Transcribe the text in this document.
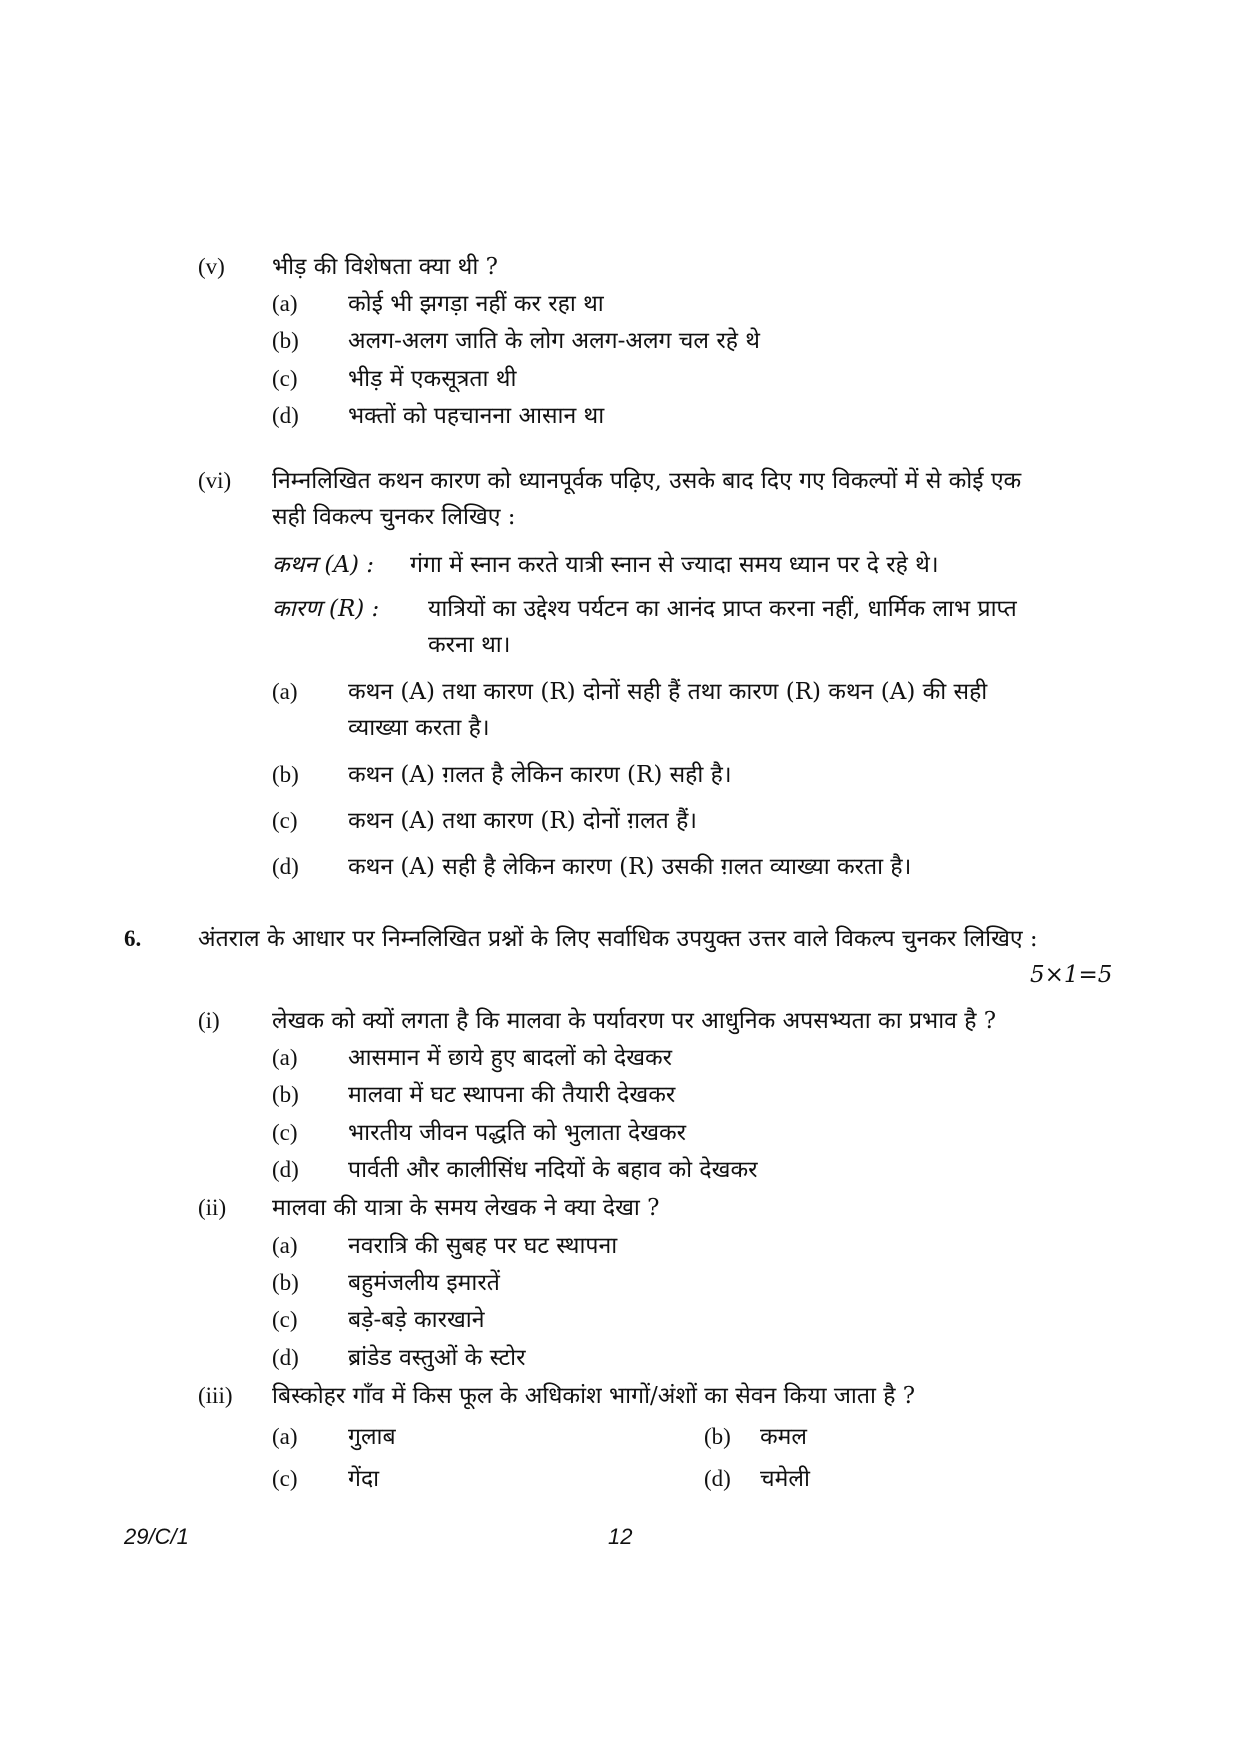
(v) भीड़ की विशेषता क्या थी ?
(a) कोई भी झगड़ा नहीं कर रहा था
(b) अलग-अलग जाति के लोग अलग-अलग चल रहे थे
(c) भीड़ में एकसूत्रता थी
(d) भक्तों को पहचानना आसान था
(vi) निम्नलिखित कथन कारण को ध्यानपूर्वक पढ़िए, उसके बाद दिए गए विकल्पों में से कोई एक सही विकल्प चुनकर लिखिए :
कथन (A) : गंगा में स्नान करते यात्री स्नान से ज्यादा समय ध्यान पर दे रहे थे।
कारण (R) : यात्रियों का उद्देश्य पर्यटन का आनंद प्राप्त करना नहीं, धार्मिक लाभ प्राप्त करना था।
(a) कथन (A) तथा कारण (R) दोनों सही हैं तथा कारण (R) कथन (A) की सही व्याख्या करता है।
(b) कथन (A) ग़लत है लेकिन कारण (R) सही है।
(c) कथन (A) तथा कारण (R) दोनों ग़लत हैं।
(d) कथन (A) सही है लेकिन कारण (R) उसकी ग़लत व्याख्या करता है।
6. अंतराल के आधार पर निम्नलिखित प्रश्नों के लिए सर्वाधिक उपयुक्त उत्तर वाले विकल्प चुनकर लिखिए :
5×1=5
(i) लेखक को क्यों लगता है कि मालवा के पर्यावरण पर आधुनिक अपसभ्यता का प्रभाव है ?
(a) आसमान में छाये हुए बादलों को देखकर
(b) मालवा में घट स्थापना की तैयारी देखकर
(c) भारतीय जीवन पद्धति को भुलाता देखकर
(d) पार्वती और कालीसिंध नदियों के बहाव को देखकर
(ii) मालवा की यात्रा के समय लेखक ने क्या देखा ?
(a) नवरात्रि की सुबह पर घट स्थापना
(b) बहुमंजलीय इमारतें
(c) बड़े-बड़े कारखाने
(d) ब्रांडेड वस्तुओं के स्टोर
(iii) बिस्कोहर गाँव में किस फूल के अधिकांश भागों/अंशों का सेवन किया जाता है ?
(a) गुलाब	(b) कमल
(c) गेंदा	(d) चमेली
29/C/1	12
